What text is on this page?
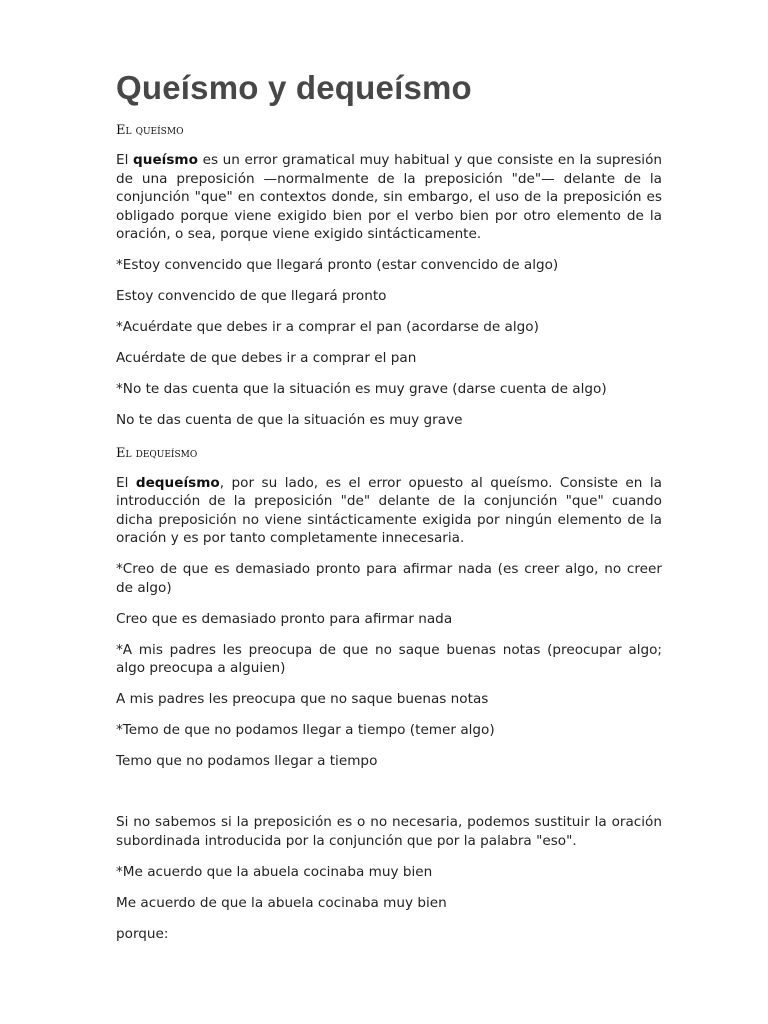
Queísmo y dequeísmo
El queísmo

El queísmo es un error gramatical muy habitual y que consiste en la supresión de una preposición —normalmente de la preposición "de"— delante de la conjunción "que" en contextos donde, sin embargo, el uso de la preposición es obligado porque viene exigido bien por el verbo bien por otro elemento de la oración, o sea, porque viene exigido sintácticamente.

*Estoy convencido que llegará pronto (estar convencido de algo)

Estoy convencido de que llegará pronto

*Acuérdate que debes ir a comprar el pan (acordarse de algo)

Acuérdate de que debes ir a comprar el pan

*No te das cuenta que la situación es muy grave (darse cuenta de algo)

No te das cuenta de que la situación es muy grave

El dequeísmo

El dequeísmo, por su lado, es el error opuesto al queísmo. Consiste en la introducción de la preposición "de" delante de la conjunción "que" cuando dicha preposición no viene sintácticamente exigida por ningún elemento de la oración y es por tanto completamente innecesaria.

*Creo de que es demasiado pronto para afirmar nada (es creer algo, no creer de algo)

Creo que es demasiado pronto para afirmar nada

*A mis padres les preocupa de que no saque buenas notas (preocupar algo; algo preocupa a alguien)

A mis padres les preocupa que no saque buenas notas

*Temo de que no podamos llegar a tiempo (temer algo)

Temo que no podamos llegar a tiempo

Si no sabemos si la preposición es o no necesaria, podemos sustituir la oración subordinada introducida por la conjunción que por la palabra "eso".

*Me acuerdo que la abuela cocinaba muy bien

Me acuerdo de que la abuela cocinaba muy bien

porque:
